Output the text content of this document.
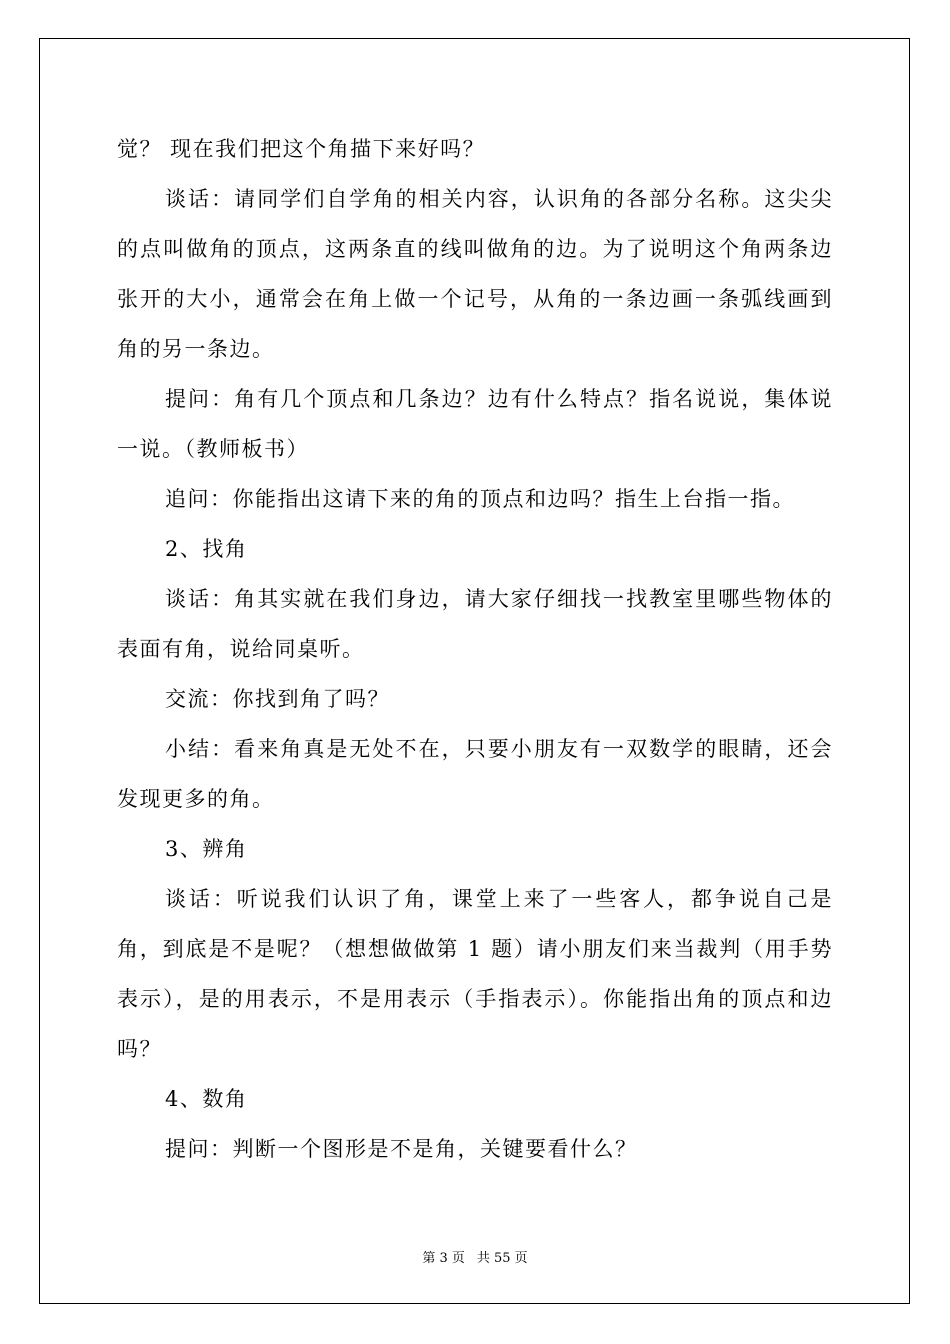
觉？ 现在我们把这个角描下来好吗？

谈话：请同学们自学角的相关内容，认识角的各部分名称。这尖尖的点叫做角的顶点，这两条直的线叫做角的边。为了说明这个角两条边张开的大小，通常会在角上做一个记号，从角的一条边画一条弧线画到角的另一条边。

提问：角有几个顶点和几条边？边有什么特点？指名说说，集体说一说。（教师板书）

追问：你能指出这请下来的角的顶点和边吗？指生上台指一指。

2、找角

谈话：角其实就在我们身边，请大家仔细找一找教室里哪些物体的表面有角，说给同桌听。

交流：你找到角了吗？

小结：看来角真是无处不在，只要小朋友有一双数学的眼睛，还会发现更多的角。

3、辨角

谈话：听说我们认识了角，课堂上来了一些客人，都争说自己是角，到底是不是呢？（想想做做第 1 题）请小朋友们来当裁判（用手势表示），是的用表示，不是用表示（手指表示）。你能指出角的顶点和边吗？

4、数角

提问：判断一个图形是不是角，关键要看什么？

第 3 页 共 55 页
